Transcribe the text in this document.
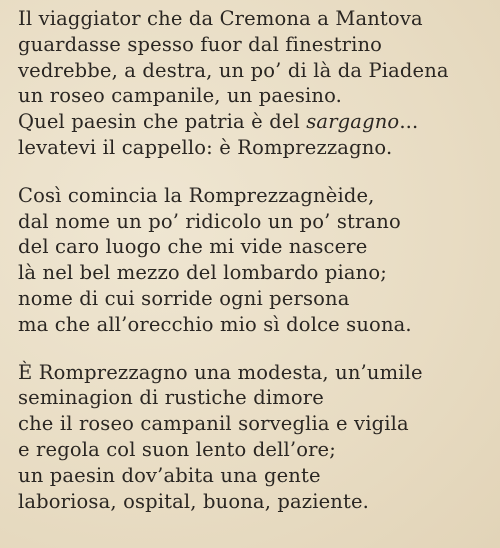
Il viaggiator che da Cremona a Mantova
guardasse spesso fuor dal finestrino
vedrebbe, a destra, un po’ di là da Piadena
un roseo campanile, un paesino.
Quel paesin che patria è del sargagno...
levatevi il cappello: è Romprezzagno.
Così comincia la Romprezzagnèide,
dal nome un po’ ridicolo un po’ strano
del caro luogo che mi vide nascere
là nel bel mezzo del lombardo piano;
nome di cui sorride ogni persona
ma che all’orecchio mio sì dolce suona.
È Romprezzagno una modesta, un’umile
seminagion di rustiche dimore
che il roseo campanil sorveglia e vigila
e regola col suon lento dell’ore;
un paesin dov’abita una gente
laboriosa, ospital, buona, paziente.
